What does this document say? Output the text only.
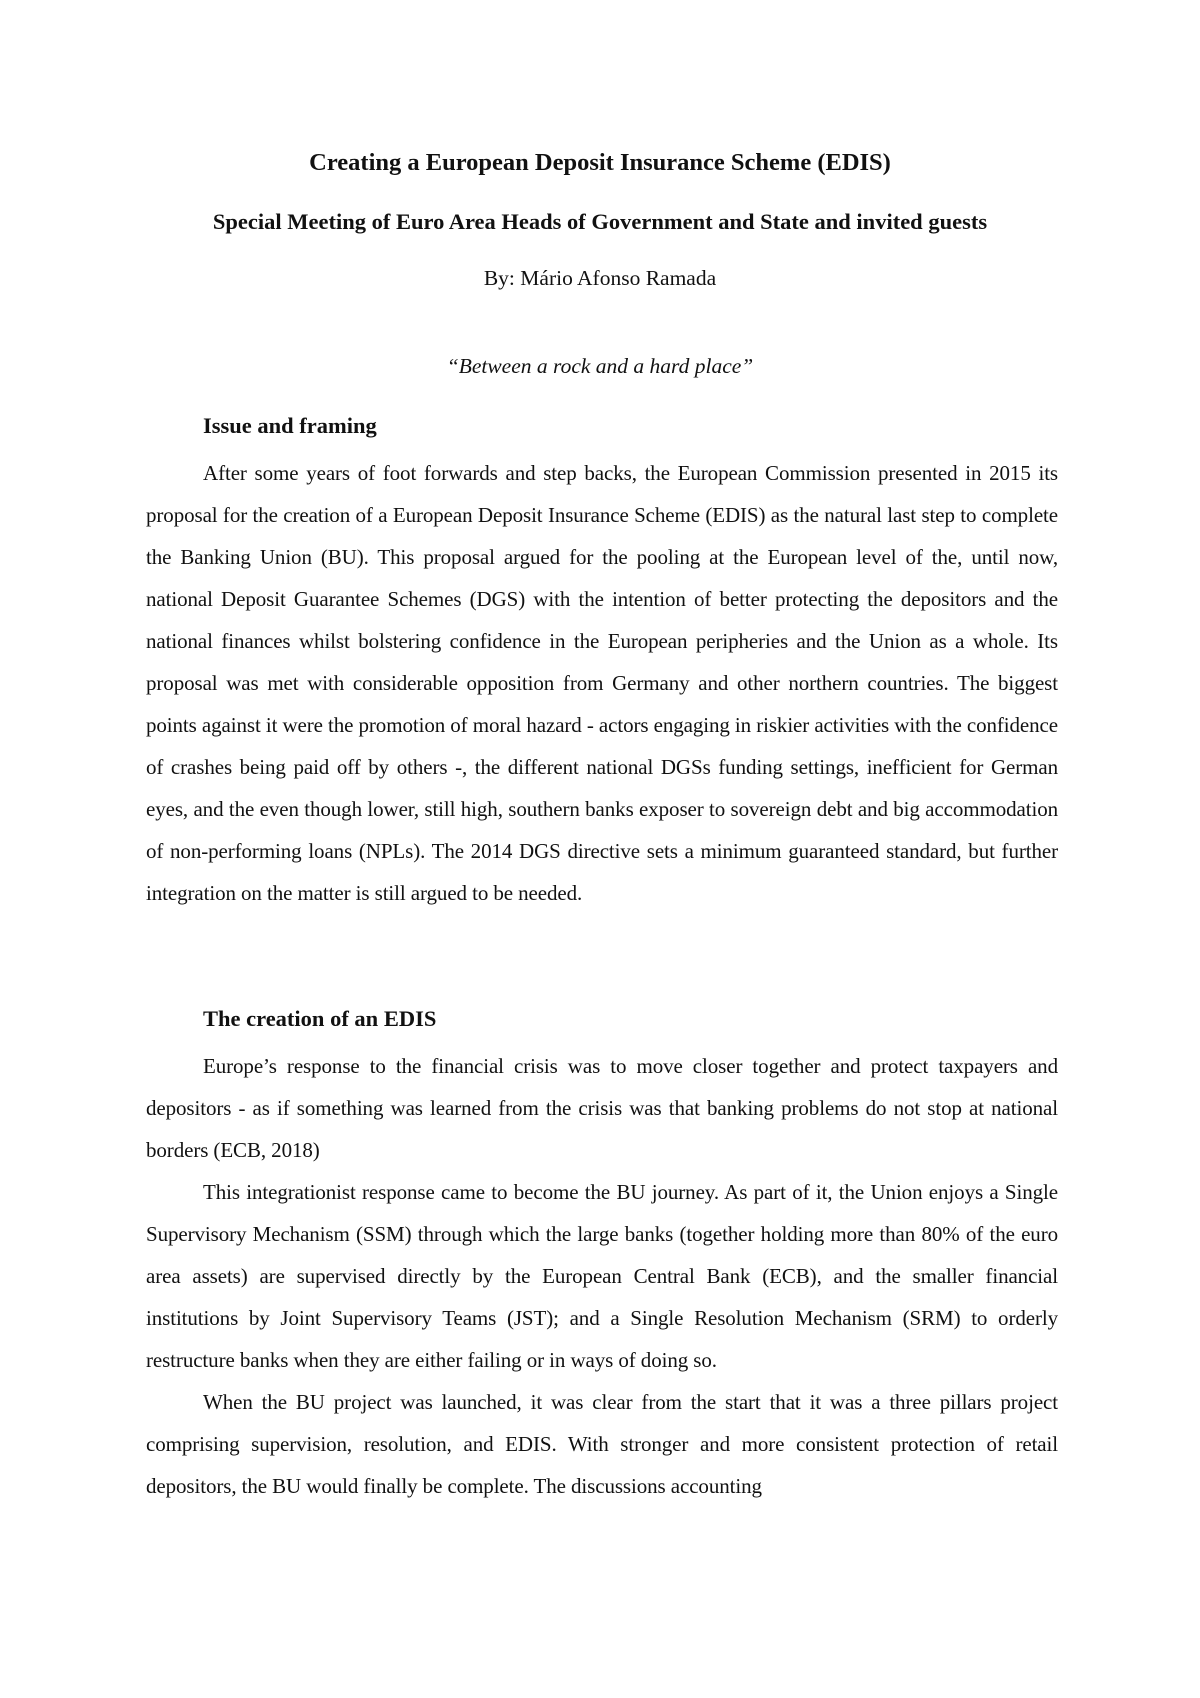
Creating a European Deposit Insurance Scheme (EDIS)
Special Meeting of Euro Area Heads of Government and State and invited guests
By: Mário Afonso Ramada
“Between a rock and a hard place”
Issue and framing

After some years of foot forwards and step backs, the European Commission presented in 2015 its proposal for the creation of a European Deposit Insurance Scheme (EDIS) as the natural last step to complete the Banking Union (BU). This proposal argued for the pooling at the European level of the, until now, national Deposit Guarantee Schemes (DGS) with the intention of better protecting the depositors and the national finances whilst bolstering confidence in the European peripheries and the Union as a whole. Its proposal was met with considerable opposition from Germany and other northern countries. The biggest points against it were the promotion of moral hazard - actors engaging in riskier activities with the confidence of crashes being paid off by others -, the different national DGSs funding settings, inefficient for German eyes, and the even though lower, still high, southern banks exposer to sovereign debt and big accommodation of non-performing loans (NPLs). The 2014 DGS directive sets a minimum guaranteed standard, but further integration on the matter is still argued to be needed.

The creation of an EDIS

Europe’s response to the financial crisis was to move closer together and protect taxpayers and depositors - as if something was learned from the crisis was that banking problems do not stop at national borders (ECB, 2018)

This integrationist response came to become the BU journey. As part of it, the Union enjoys a Single Supervisory Mechanism (SSM) through which the large banks (together holding more than 80% of the euro area assets) are supervised directly by the European Central Bank (ECB), and the smaller financial institutions by Joint Supervisory Teams (JST); and a Single Resolution Mechanism (SRM) to orderly restructure banks when they are either failing or in ways of doing so.

When the BU project was launched, it was clear from the start that it was a three pillars project comprising supervision, resolution, and EDIS. With stronger and more consistent protection of retail depositors, the BU would finally be complete. The discussions accounting
